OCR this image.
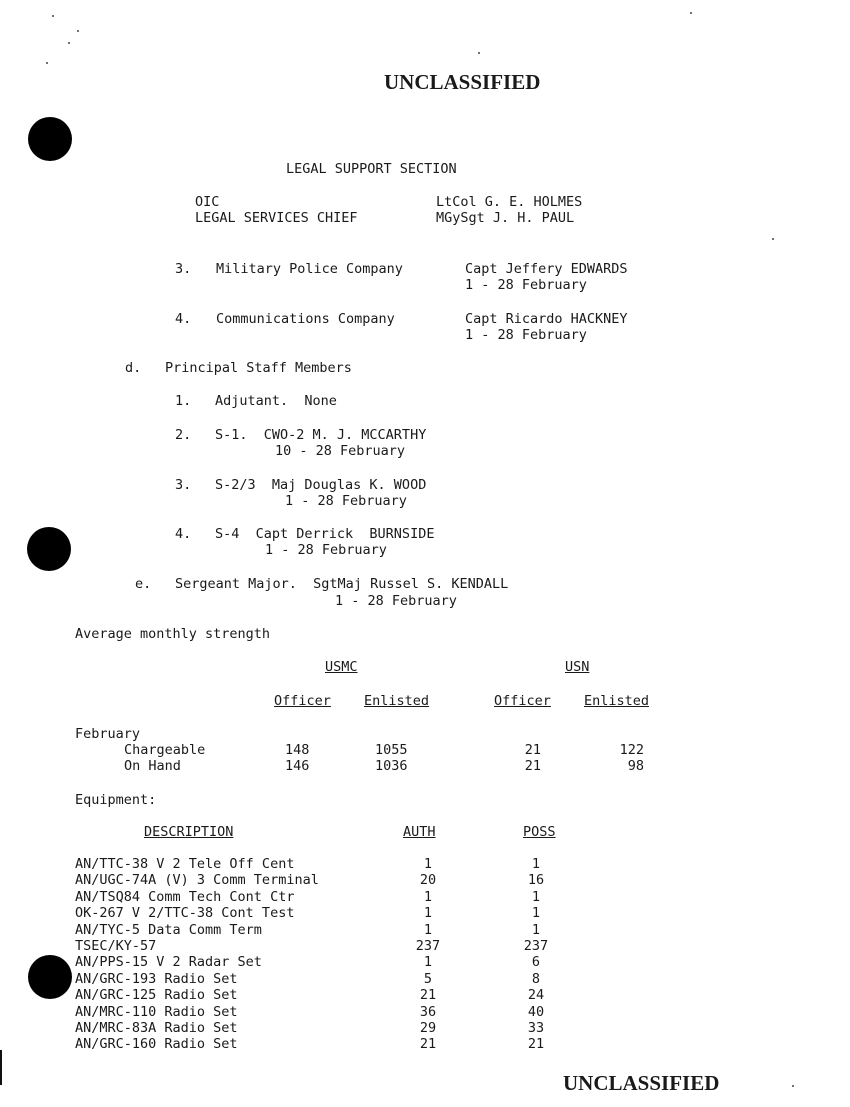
UNCLASSIFIED
LEGAL SUPPORT SECTION
OIC	LtCol G. E. HOLMES
LEGAL SERVICES CHIEF	MGySgt J. H. PAUL
3. Military Police Company	Capt Jeffery EDWARDS
1 - 28 February
4. Communications Company	Capt Ricardo HACKNEY
1 - 28 February
d. Principal Staff Members
1. Adjutant.  None
2. S-1.  CWO-2 M. J. MCCARTHY
10 - 28 February
3. S-2/3  Maj Douglas K. WOOD
1 - 28 February
4. S-4  Capt Derrick  BURNSIDE
1 - 28 February
e. Sergeant Major.  SgtMaj Russel S. KENDALL
1 - 28 February
Average monthly strength
USMC	USN
Officer Enlisted	Officer Enlisted
February
Chargeable	148	1055	21	122
On Hand	146	1036	21	98
Equipment:
DESCRIPTION	AUTH	POSS
AN/TTC-38 V 2 Tele Off Cent	1	1
AN/UGC-74A (V) 3 Comm Terminal	20	16
AN/TSQ84 Comm Tech Cont Ctr	1	1
OK-267 V 2/TTC-38 Cont Test	1	1
AN/TYC-5 Data Comm Term	1	1
TSEC/KY-57	237	237
AN/PPS-15 V 2 Radar Set	1	6
AN/GRC-193 Radio Set	5	8
AN/GRC-125 Radio Set	21	24
AN/MRC-110 Radio Set	36	40
AN/MRC-83A Radio Set	29	33
AN/GRC-160 Radio Set	21	21
UNCLASSIFIED
